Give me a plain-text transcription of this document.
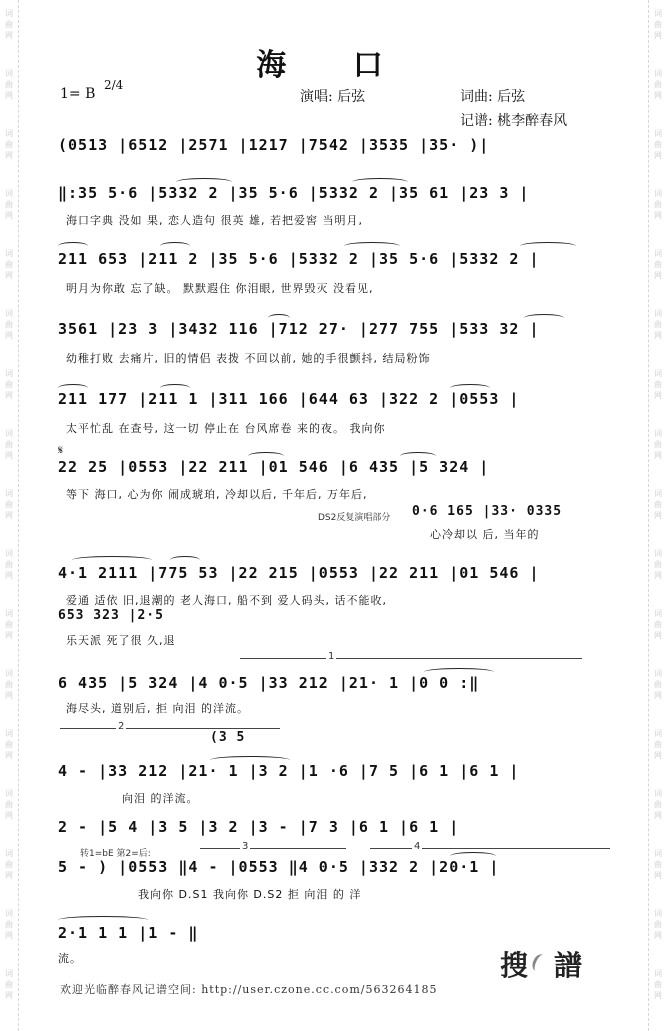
词
曲
网
词
曲
网
词
曲
网
词
曲
网
词
曲
网
词
曲
网
词
曲
网
词
曲
网
词
曲
网
词
曲
网
词
曲
网
词
曲
网
词
曲
网
词
曲
网
词
曲
网
词
曲
网
词
曲
网
词
曲
网
词
曲
网
词
曲
网
词
曲
网
词
曲
网
词
曲
网
词
曲
网
词
曲
网
词
曲
网
词
曲
网
词
曲
网
词
曲
网
词
曲
网
词
曲
网
词
曲
网
词
曲
网
词
曲
网
海 口
1= B
2/4
演唱: 后弦	词曲: 后弦
记谱: 桃李醉春风
(0513 |6512 |2571 |1217 |7542 |3535 |35· )|
‖:35 5·6 |5332 2 |35 5·6 |5332 2 |35 61 |23 3 |
海口字典 没如 果, 恋人造句 很英 雄, 若把爱窖 当明月,
211 653 |211 2 |35 5·6 |5332 2 |35 5·6 |5332 2 |
明月为你敢 忘了缺。 默默遐住 你泪眼, 世界毁灭 没看见,
3561 |23 3 |3432 116 |712 27· |277 755 |533 32 |
幼稚打败 去痛片, 旧的情侣 表拨 不回以前, 她的手很颤抖, 结局粉饰
211 177 |211 1 |311 166 |644 63 |322 2 |0553 |
太平忙乱 在查号, 这一切 停止在 台风席卷 来的夜。 我向你
𝄋
22 25 |0553 |22 211 |01 546 |6 435 |5 324 |
等下 海口, 心为你 闹成琥珀, 冷却以后, 千年后, 万年后,
DS2反复演唱部分 0·6 165 |33· 0335
心冷却以 后, 当年的
4·1 2111 |775 53 |22 215 |0553 |22 211 |01 546 |
爱通 适依 旧,退潮的 老人海口, 船不到 爱人码头, 话不能收,
653 323 |2·5
乐天派 死了很 久,退
1
6 435 |5 324 |4 0·5 |33 212 |21· 1 |0 0 :‖
海尽头, 道别后, 拒 向泪 的洋流。
2
(3 5
4 - |33 212 |21· 1 |3 2 |1 ·6 |7 5 |6 1 |6 1 |
向泪 的洋流。
2 - |5 4 |3 5 |3 2 |3 - |7 3 |6 1 |6 1 |
转1=bE 第2=后:
3	4
5 - ) |0553 ‖4 - |0553 ‖4 0·5 |332 2 |20·1 |
我向你 D.S1 我向你 D.S2 拒 向泪 的 洋
2·1 1 1 |1 - ‖
流。	搜譜
欢迎光临醉春风记谱空间: http://user.czone.cc.com/563264185
